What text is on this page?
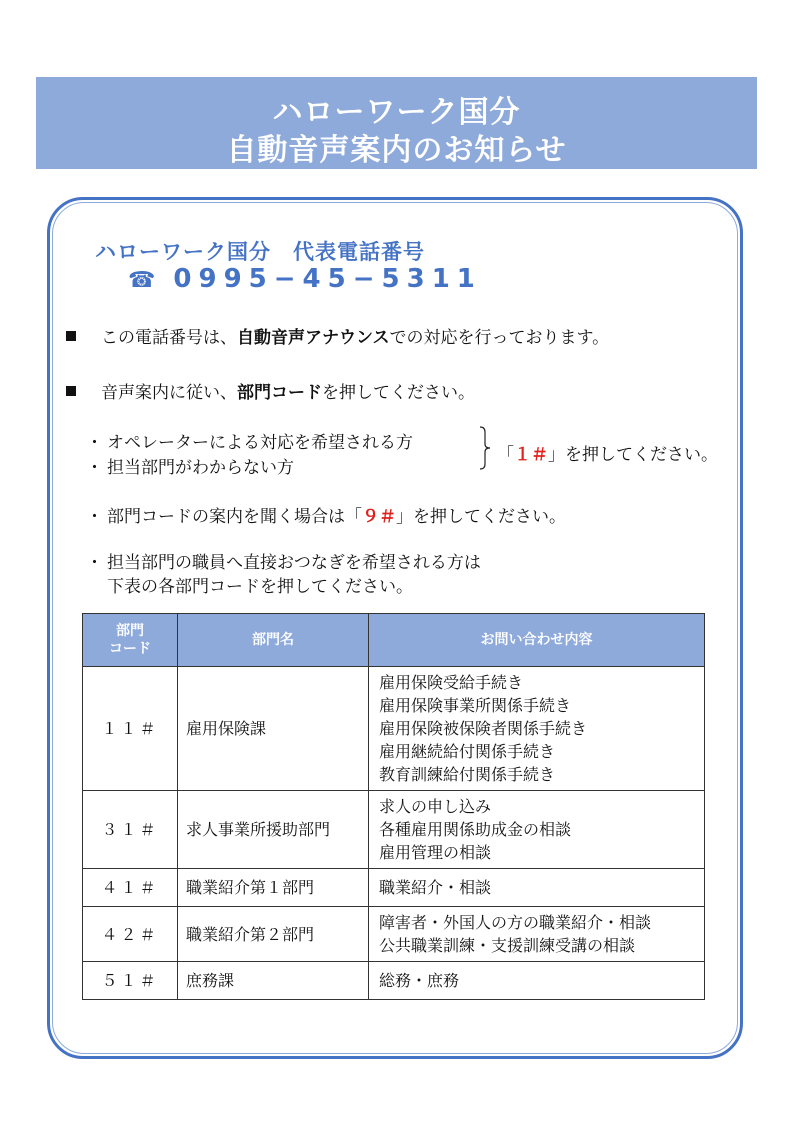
ハローワーク国分
自動音声案内のお知らせ
ハローワーク国分　代表電話番号
☎ 0995−45−5311
この電話番号は、自動音声アナウンスでの対応を行っております。
音声案内に従い、部門コードを押してください。
・ オペレーターによる対応を希望される方
・ 担当部門がわからない方
「１＃」を押してください。
・ 部門コードの案内を聞く場合は「９＃」を押してください。
・ 担当部門の職員へ直接おつなぎを希望される方は
下表の各部門コードを押してください。
部門
コード	部門名	お問い合わせ内容
１１＃	雇用保険課	雇用保険受給手続き
雇用保険事業所関係手続き
雇用保険被保険者関係手続き
雇用継続給付関係手続き
教育訓練給付関係手続き

３１＃	求人事業所援助部門	求人の申し込み
各種雇用関係助成金の相談
雇用管理の相談

４１＃	職業紹介第１部門	職業紹介・相談

４２＃	職業紹介第２部門	障害者・外国人の方の職業紹介・相談
公共職業訓練・支援訓練受講の相談

５１＃	庶務課	総務・庶務
